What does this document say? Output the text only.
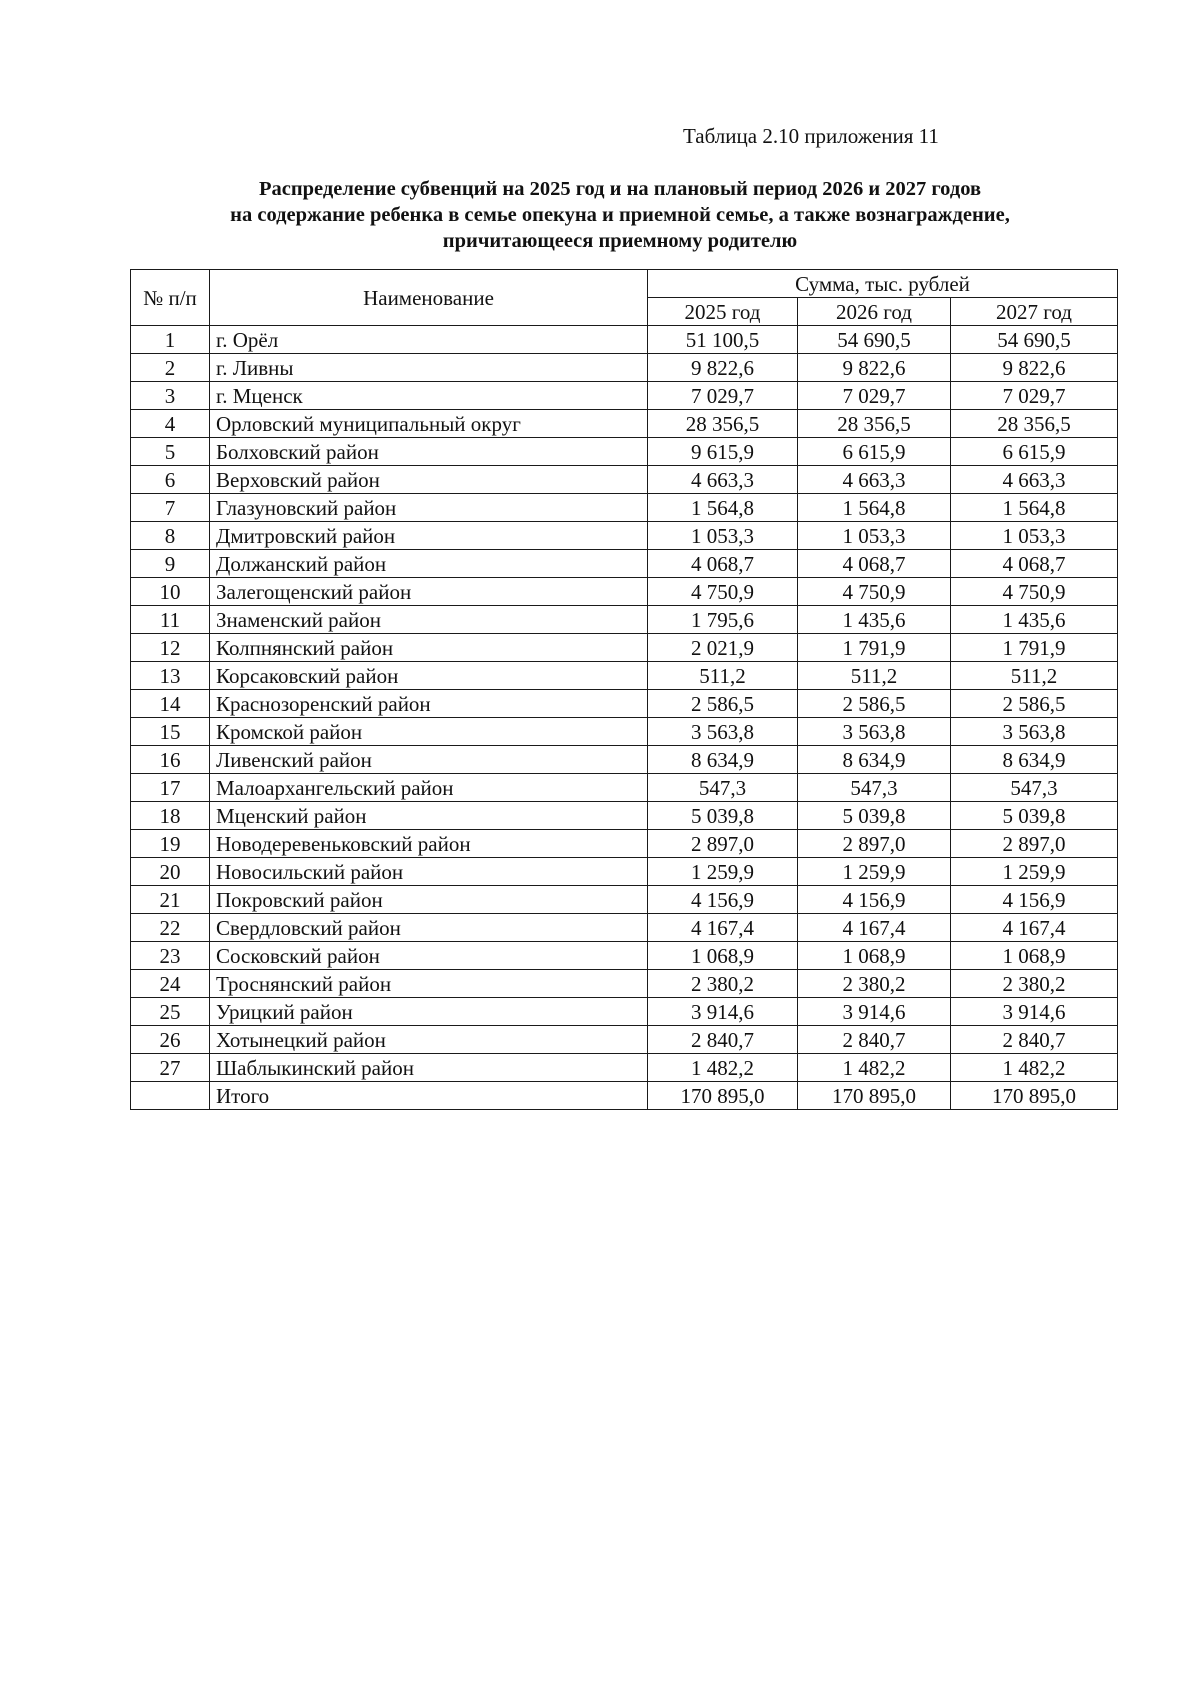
Таблица 2.10 приложения 11
Распределение субвенций на 2025 год и на плановый период 2026 и 2027 годов
на содержание ребенка в семье опекуна и приемной семье, а также вознаграждение,
причитающееся приемному родителю
№ п/п	Наименование	Сумма, тыс. рублей		
		2025 год	2026 год	2027 год
1	г. Орёл	51 100,5	54 690,5	54 690,5
2	г. Ливны	9 822,6	9 822,6	9 822,6
3	г. Мценск	7 029,7	7 029,7	7 029,7
4	Орловский муниципальный округ	28 356,5	28 356,5	28 356,5
5	Болховский район	9 615,9	6 615,9	6 615,9
6	Верховский район	4 663,3	4 663,3	4 663,3
7	Глазуновский район	1 564,8	1 564,8	1 564,8
8	Дмитровский район	1 053,3	1 053,3	1 053,3
9	Должанский район	4 068,7	4 068,7	4 068,7
10	Залегощенский район	4 750,9	4 750,9	4 750,9
11	Знаменский район	1 795,6	1 435,6	1 435,6
12	Колпнянский район	2 021,9	1 791,9	1 791,9
13	Корсаковский район	511,2	511,2	511,2
14	Краснозоренский район	2 586,5	2 586,5	2 586,5
15	Кромской район	3 563,8	3 563,8	3 563,8
16	Ливенский район	8 634,9	8 634,9	8 634,9
17	Малоархангельский район	547,3	547,3	547,3
18	Мценский район	5 039,8	5 039,8	5 039,8
19	Новодеревеньковский район	2 897,0	2 897,0	2 897,0
20	Новосильский район	1 259,9	1 259,9	1 259,9
21	Покровский район	4 156,9	4 156,9	4 156,9
22	Свердловский район	4 167,4	4 167,4	4 167,4
23	Сосковский район	1 068,9	1 068,9	1 068,9
24	Троснянский район	2 380,2	2 380,2	2 380,2
25	Урицкий район	3 914,6	3 914,6	3 914,6
26	Хотынецкий район	2 840,7	2 840,7	2 840,7
27	Шаблыкинский район	1 482,2	1 482,2	1 482,2
	Итого	170 895,0	170 895,0	170 895,0
